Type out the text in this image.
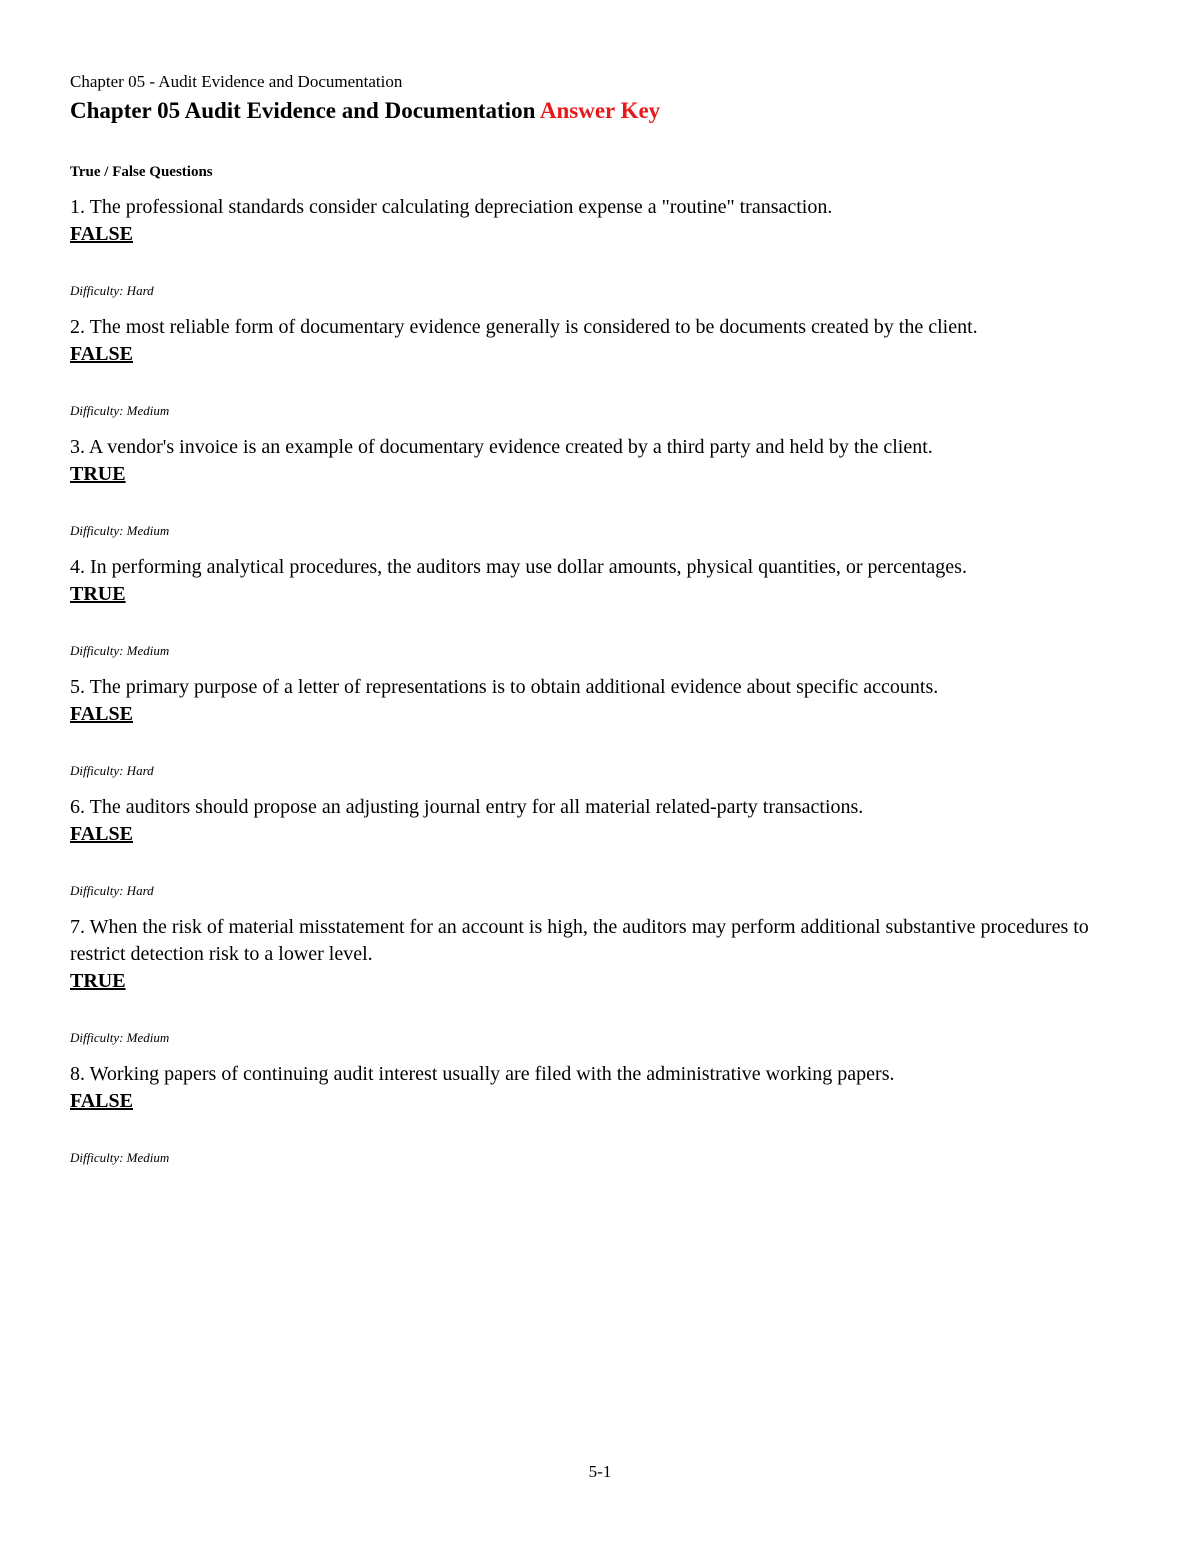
Chapter 05 - Audit Evidence and Documentation

Chapter 05 Audit Evidence and Documentation Answer Key
True / False Questions

1. The professional standards consider calculating depreciation expense a "routine" transaction.

FALSE

Difficulty: Hard

2. The most reliable form of documentary evidence generally is considered to be documents created by the client.

FALSE

Difficulty: Medium

3. A vendor's invoice is an example of documentary evidence created by a third party and held by the client.

TRUE

Difficulty: Medium

4. In performing analytical procedures, the auditors may use dollar amounts, physical quantities, or percentages.

TRUE

Difficulty: Medium

5. The primary purpose of a letter of representations is to obtain additional evidence about specific accounts.

FALSE

Difficulty: Hard

6. The auditors should propose an adjusting journal entry for all material related-party transactions.

FALSE

Difficulty: Hard

7. When the risk of material misstatement for an account is high, the auditors may perform additional substantive procedures to restrict detection risk to a lower level.

TRUE

Difficulty: Medium

8. Working papers of continuing audit interest usually are filed with the administrative working papers.

FALSE

Difficulty: Medium

5-1
